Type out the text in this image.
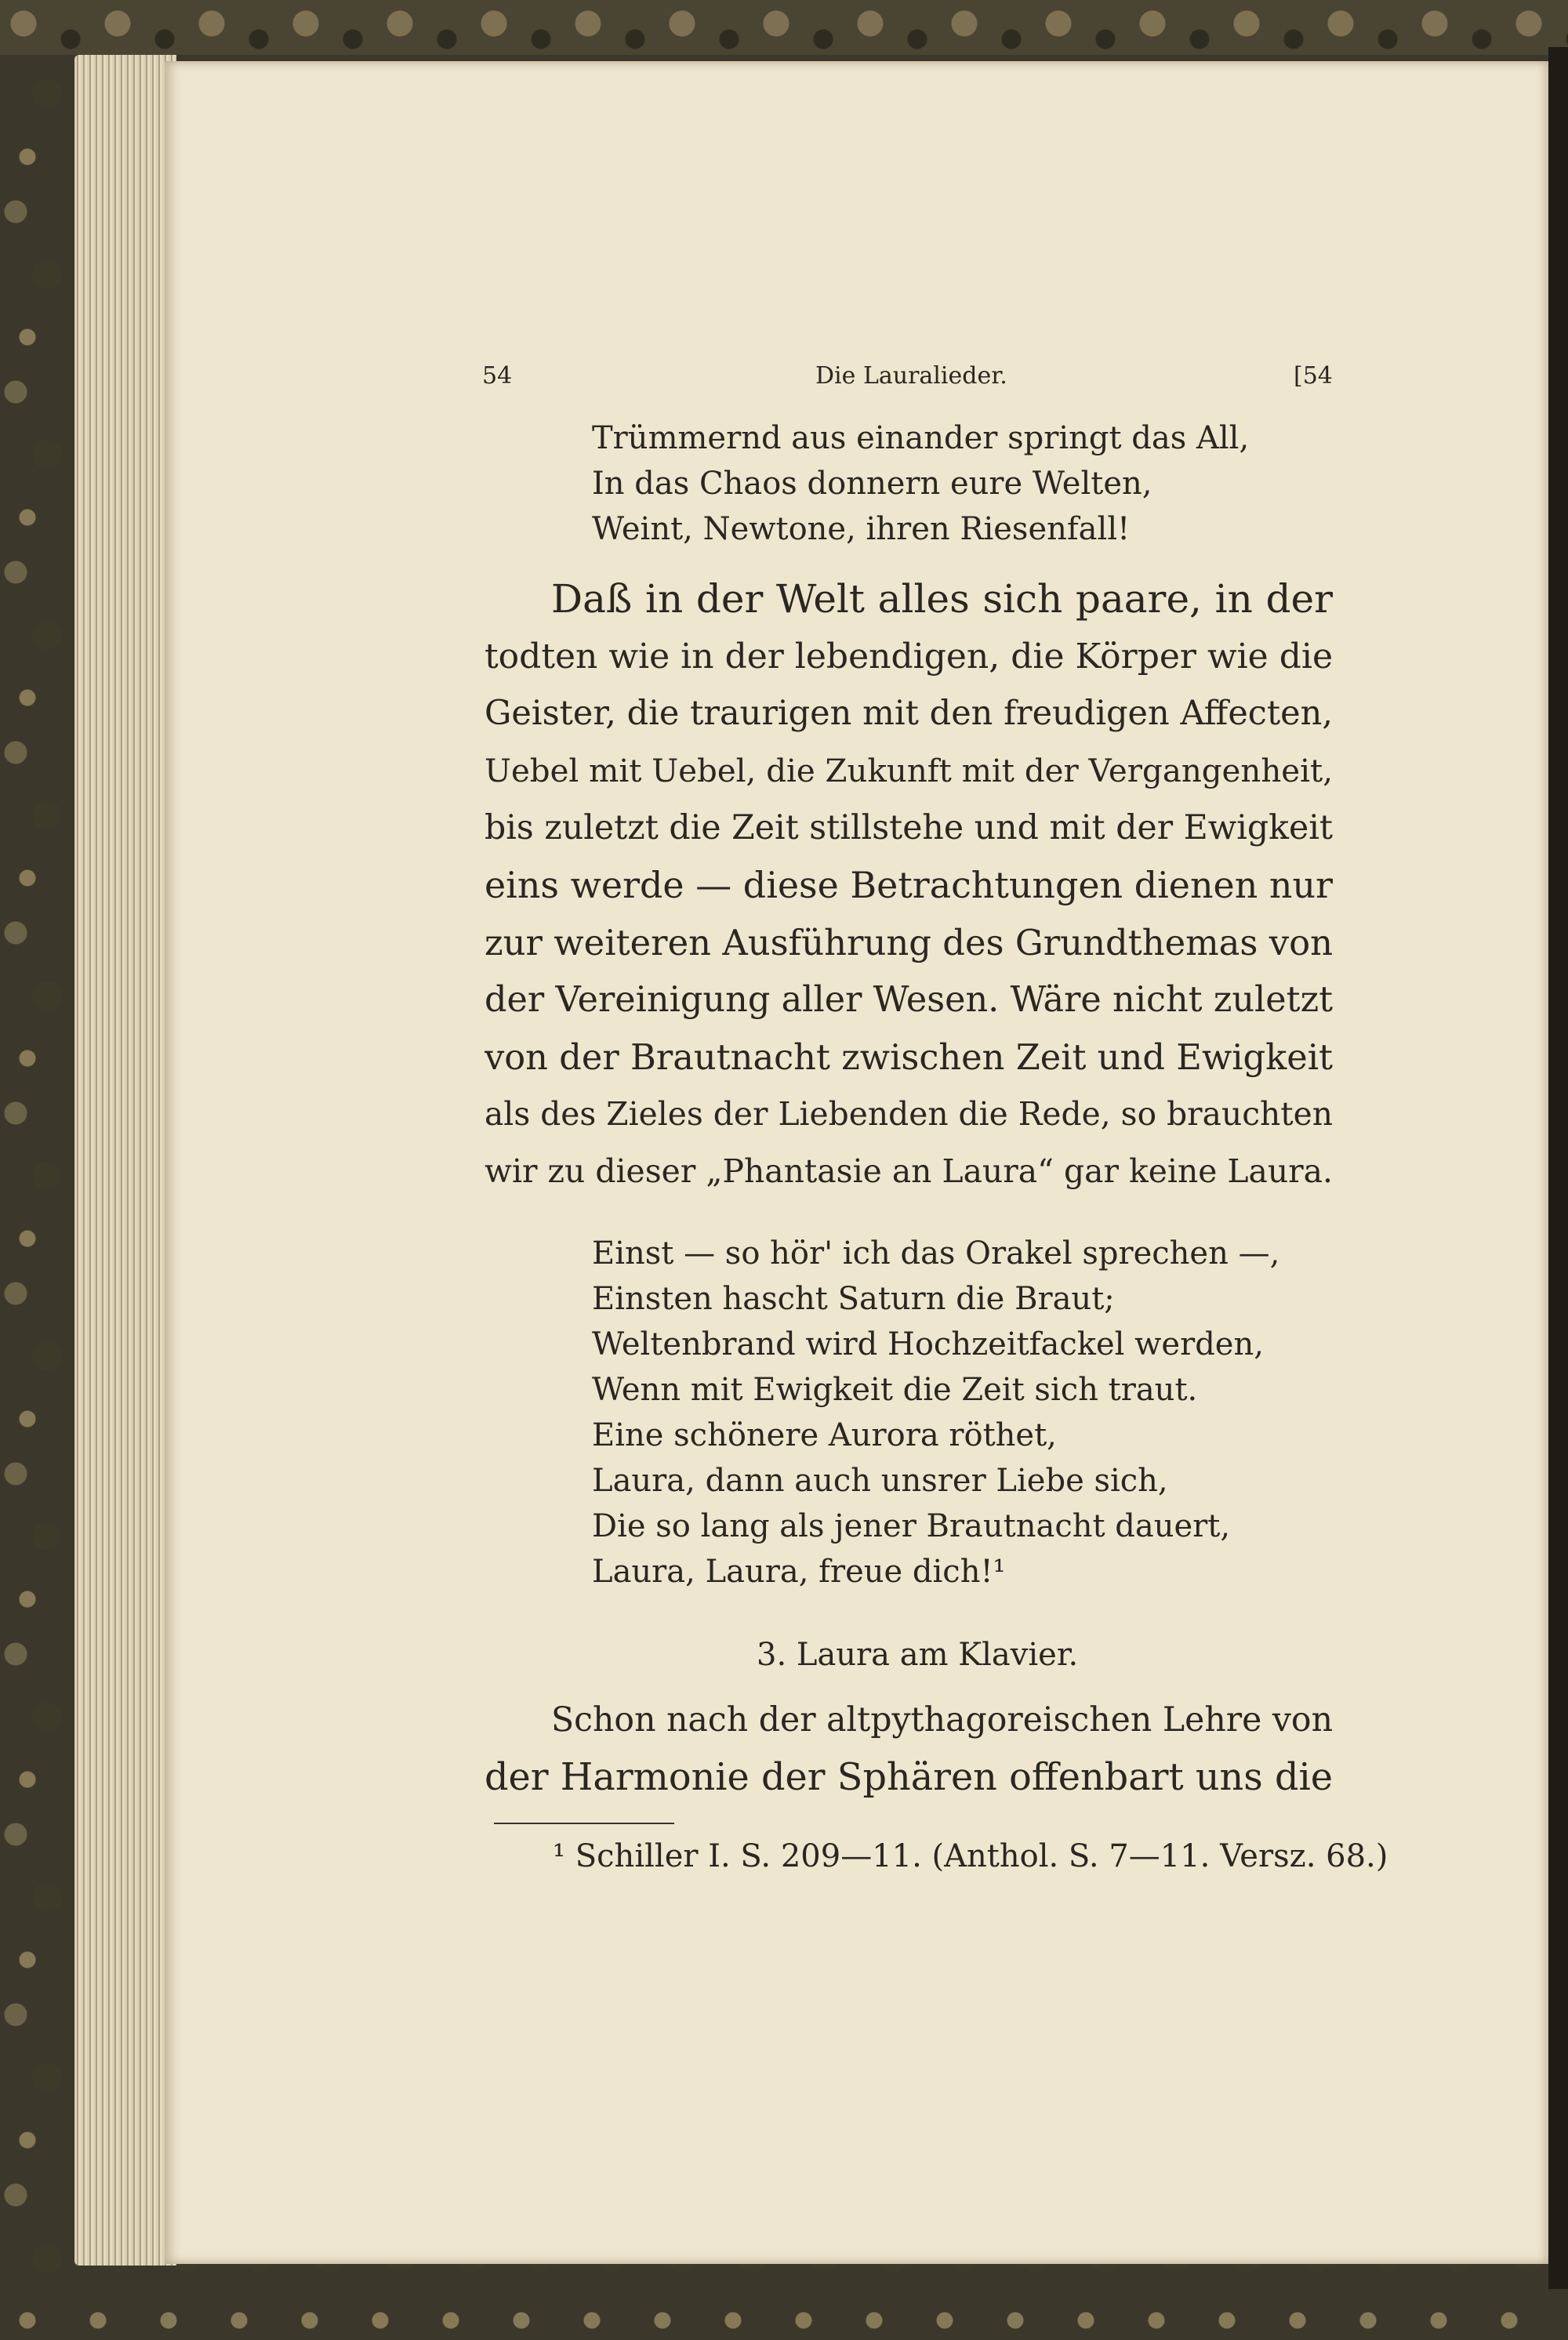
54	Die Lauralieder.	[54
Trümmernd aus einander springt das All,
In das Chaos donnern eure Welten,
Weint, Newtone, ihren Riesenfall!
Daß in der Welt alles sich paare, in der
todten wie in der lebendigen, die Körper wie die
Geister, die traurigen mit den freudigen Affecten,
Uebel mit Uebel, die Zukunft mit der Vergangenheit,
bis zuletzt die Zeit stillstehe und mit der Ewigkeit
eins werde — diese Betrachtungen dienen nur
zur weiteren Ausführung des Grundthemas von
der Vereinigung aller Wesen. Wäre nicht zuletzt
von der Brautnacht zwischen Zeit und Ewigkeit
als des Zieles der Liebenden die Rede, so brauchten
wir zu dieser „Phantasie an Laura“ gar keine Laura.
Einst — so hör' ich das Orakel sprechen —,
Einsten hascht Saturn die Braut;
Weltenbrand wird Hochzeitfackel werden,
Wenn mit Ewigkeit die Zeit sich traut.
Eine schönere Aurora röthet,
Laura, dann auch unsrer Liebe sich,
Die so lang als jener Brautnacht dauert,
Laura, Laura, freue dich!¹
3. Laura am Klavier.
Schon nach der altpythagoreischen Lehre von
der Harmonie der Sphären offenbart uns die
¹ Schiller I. S. 209—11. (Anthol. S. 7—11. Versz. 68.)
